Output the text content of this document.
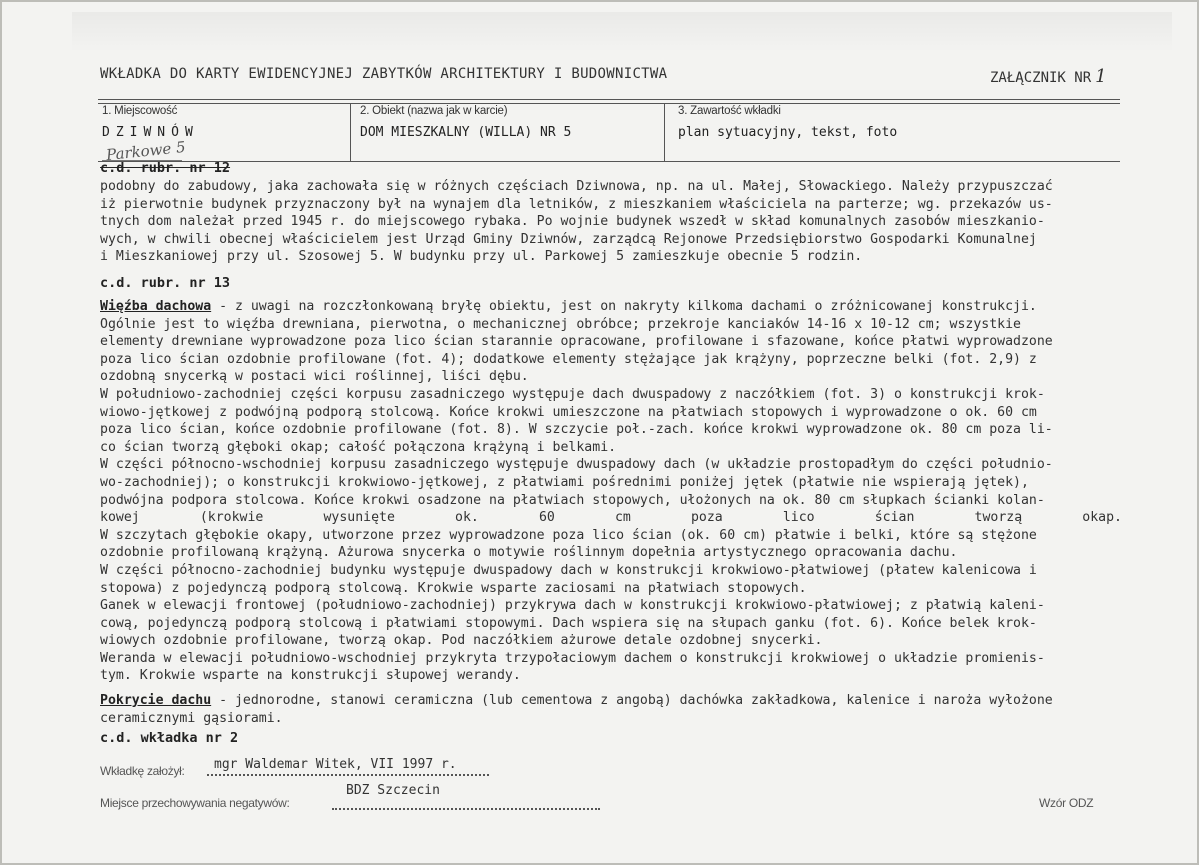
WKŁADKA DO KARTY EWIDENCYJNEJ ZABYTKÓW ARCHITEKTURY I BUDOWNICTWA	ZAŁĄCZNIK NR 1
1. Miejscowość
DZIWNÓW
Parkowe 5
2. Obiekt (nazwa jak w karcie)
DOM MIESZKALNY (WILLA) NR 5
3. Zawartość wkładki
plan sytuacyjny, tekst, foto
c.d. rubr. nr 12

podobny do zabudowy, jaka zachowała się w różnych częściach Dziwnowa, np. na ul. Małej, Słowackiego. Należy przypuszczać

iż pierwotnie budynek przyznaczony był na wynajem dla letników, z mieszkaniem właściciela na parterze; wg. przekazów us-

tnych dom należał przed 1945 r. do miejscowego rybaka. Po wojnie budynek wszedł w skład komunalnych zasobów mieszkanio-

wych, w chwili obecnej właścicielem jest Urząd Gminy Dziwnów, zarządcą Rejonowe Przedsiębiorstwo Gospodarki Komunalnej

i Mieszkaniowej przy ul. Szosowej 5. W budynku przy ul. Parkowej 5 zamieszkuje obecnie 5 rodzin.

c.d. rubr. nr 13

Więźba dachowa - z uwagi na rozczłonkowaną bryłę obiektu, jest on nakryty kilkoma dachami o zróżnicowanej konstrukcji.

Ogólnie jest to więźba drewniana, pierwotna, o mechanicznej obróbce; przekroje kanciaków 14-16 x 10-12 cm; wszystkie

elementy drewniane wyprowadzone poza lico ścian starannie opracowane, profilowane i sfazowane, końce płatwi wyprowadzone

poza lico ścian ozdobnie profilowane (fot. 4); dodatkowe elementy stężające jak krążyny, poprzeczne belki (fot. 2,9) z

ozdobną snycerką w postaci wici roślinnej, liści dębu.

W południowo-zachodniej części korpusu zasadniczego występuje dach dwuspadowy z naczółkiem (fot. 3) o konstrukcji krok-

wiowo-jętkowej z podwójną podporą stolcową. Końce krokwi umieszczone na płatwiach stopowych i wyprowadzone o ok. 60 cm

poza lico ścian, końce ozdobnie profilowane (fot. 8). W szczycie poł.-zach. końce krokwi wyprowadzone ok. 80 cm poza li-

co ścian tworzą głęboki okap; całość połączona krążyną i belkami.

W części północno-wschodniej korpusu zasadniczego występuje dwuspadowy dach (w układzie prostopadłym do części południo-

wo-zachodniej); o konstrukcji krokwiowo-jętkowej, z płatwiami pośrednimi poniżej jętek (płatwie nie wspierają jętek),

podwójna podpora stolcowa. Końce krokwi osadzone na płatwiach stopowych, ułożonych na ok. 80 cm słupkach ścianki kolan-

kowej (krokwie wysunięte ok. 60 cm poza lico ścian tworzą okap.

W szczytach głębokie okapy, utworzone przez wyprowadzone poza lico ścian (ok. 60 cm) płatwie i belki, które są stężone

ozdobnie profilowaną krążyną. Ażurowa snycerka o motywie roślinnym dopełnia artystycznego opracowania dachu.

W części północno-zachodniej budynku występuje dwuspadowy dach w konstrukcji krokwiowo-płatwiowej (płatew kalenicowa i

stopowa) z pojedynczą podporą stolcową. Krokwie wsparte zaciosami na płatwiach stopowych.

Ganek w elewacji frontowej (południowo-zachodniej) przykrywa dach w konstrukcji krokwiowo-płatwiowej; z płatwią kaleni-

cową, pojedynczą podporą stolcową i płatwiami stopowymi. Dach wspiera się na słupach ganku (fot. 6). Końce belek krok-

wiowych ozdobnie profilowane, tworzą okap. Pod naczółkiem ażurowe detale ozdobnej snycerki.

Weranda w elewacji południowo-wschodniej przykryta trzypołaciowym dachem o konstrukcji krokwiowej o układzie promienis-

tym. Krokwie wsparte na konstrukcji słupowej werandy.

Pokrycie dachu - jednorodne, stanowi ceramiczna (lub cementowa z angobą) dachówka zakładkowa, kalenice i naroża wyłożone

ceramicznymi gąsiorami.

c.d. wkładka nr 2
Wkładkę założył: mgr Waldemar Witek, VII 1997 r.
Miejsce przechowywania negatywów:
BDZ Szczecin
Wzór ODZ
